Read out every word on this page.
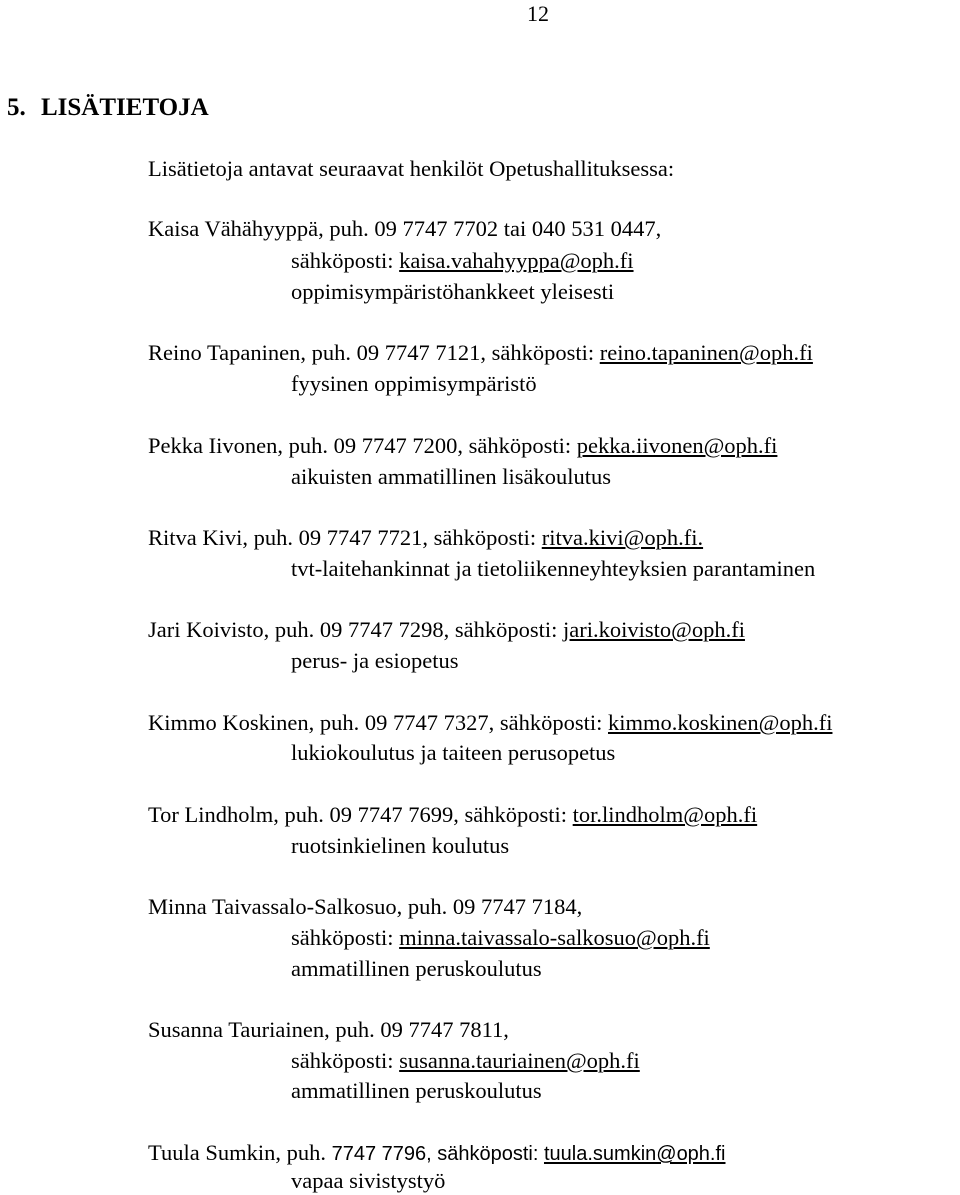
12
5. LISÄTIETOJA
Lisätietoja antavat seuraavat henkilöt Opetushallituksessa:
Kaisa Vähähyyppä, puh. 09 7747 7702 tai 040 531 0447,
sähköposti: kaisa.vahahyyppa@oph.fi
oppimisympäristöhankkeet yleisesti
Reino Tapaninen, puh. 09 7747 7121, sähköposti: reino.tapaninen@oph.fi
fyysinen oppimisympäristö
Pekka Iivonen, puh. 09 7747 7200, sähköposti: pekka.iivonen@oph.fi
aikuisten ammatillinen lisäkoulutus
Ritva Kivi, puh. 09 7747 7721, sähköposti: ritva.kivi@oph.fi.
tvt-laitehankinnat ja tietoliikenneyhteyksien parantaminen
Jari Koivisto, puh. 09 7747 7298, sähköposti: jari.koivisto@oph.fi
perus- ja esiopetus
Kimmo Koskinen, puh. 09 7747 7327, sähköposti: kimmo.koskinen@oph.fi
lukiokoulutus ja taiteen perusopetus
Tor Lindholm, puh. 09 7747 7699, sähköposti: tor.lindholm@oph.fi
ruotsinkielinen koulutus
Minna Taivassalo-Salkosuo, puh. 09 7747 7184,
sähköposti: minna.taivassalo-salkosuo@oph.fi
ammatillinen peruskoulutus
Susanna Tauriainen, puh. 09 7747 7811,
sähköposti: susanna.tauriainen@oph.fi
ammatillinen peruskoulutus
Tuula Sumkin, puh. 7747 7796, sähköposti: tuula.sumkin@oph.fi
vapaa sivistystyö
